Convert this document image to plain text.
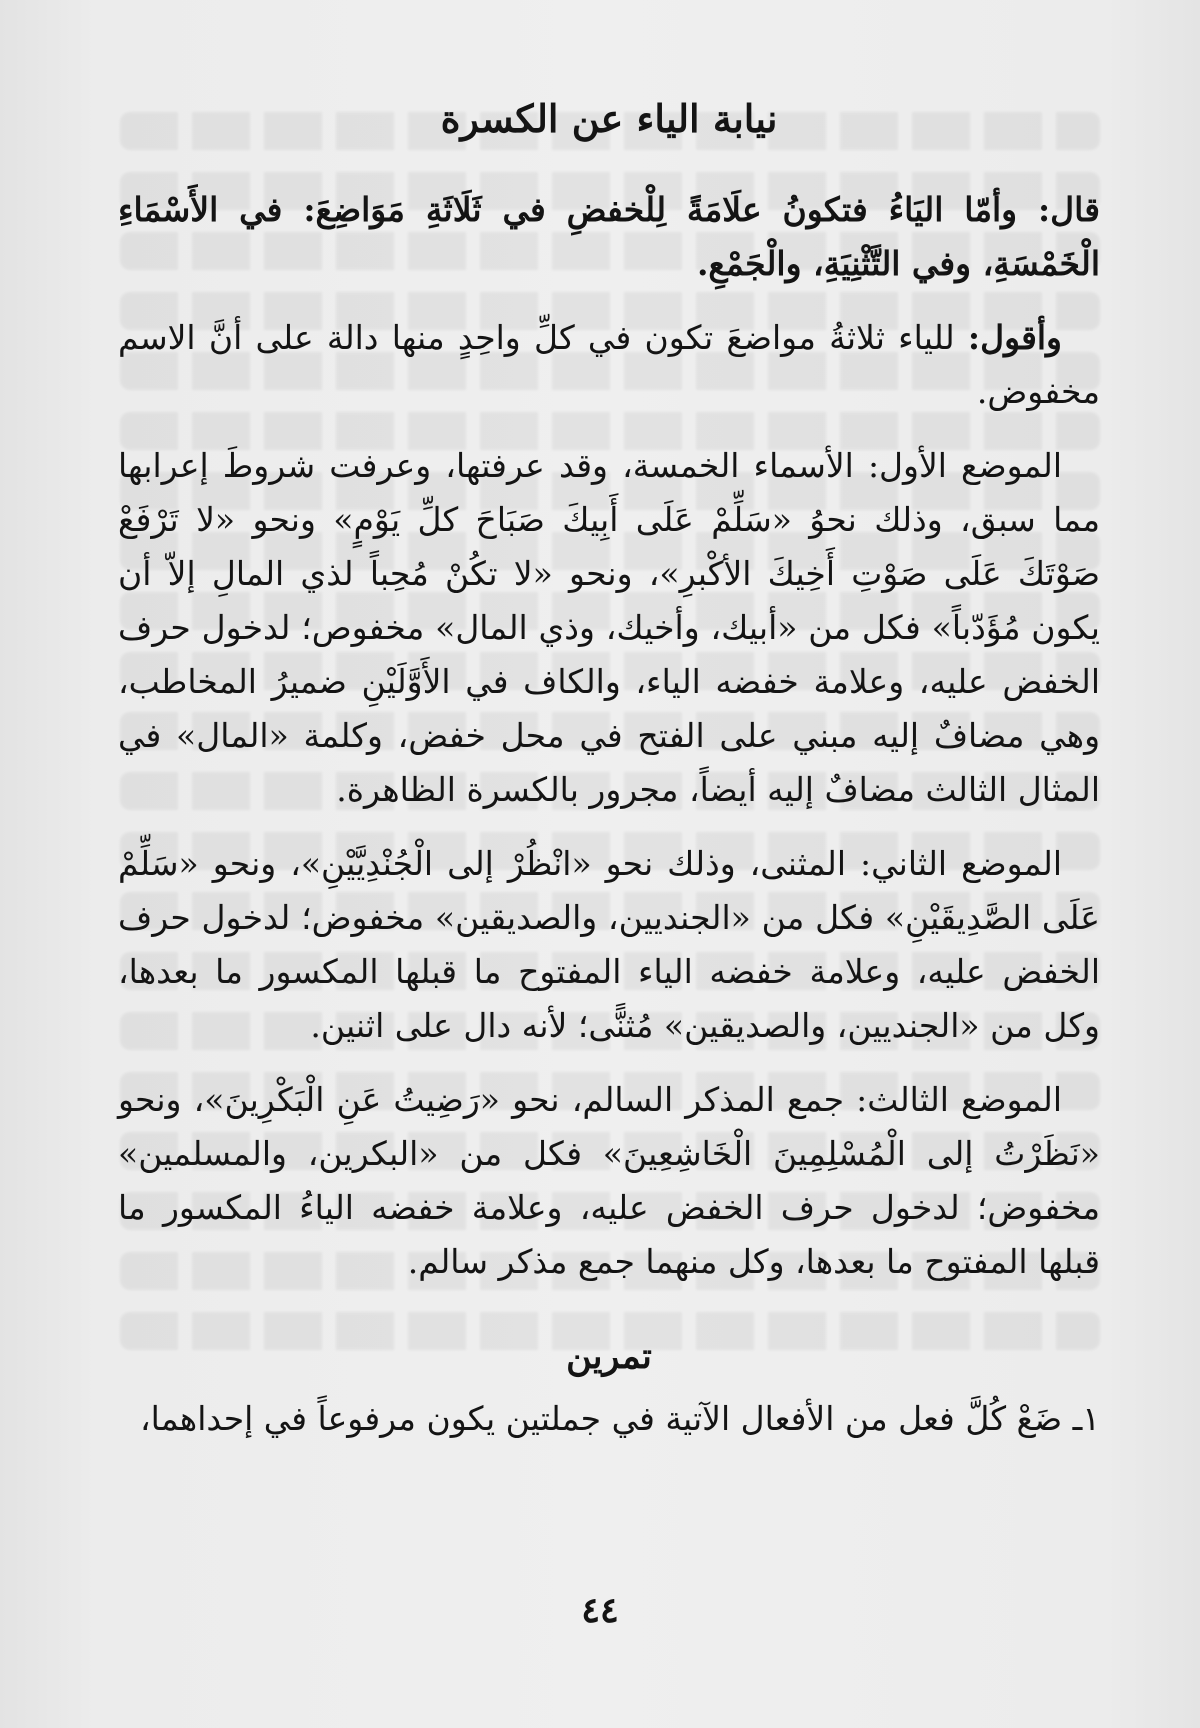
نيابة الياء عن الكسرة

قال: وأمّا اليَاءُ فتكونُ علَامَةً لِلْخفضِ في ثَلَاثَةِ مَوَاضِعَ: في الأَسْمَاءِ الْخَمْسَةِ، وفي التَّثْنِيَةِ، والْجَمْعِ.

وأقول: للياء ثلاثةُ مواضعَ تكون في كلِّ واحِدٍ منها دالة على أنَّ الاسم مخفوض.

الموضع الأول: الأسماء الخمسة، وقد عرفتها، وعرفت شروطَ إعرابها مما سبق، وذلك نحوُ «سَلِّمْ عَلَى أَبِيكَ صَبَاحَ كلِّ يَوْمٍ» ونحو «لا تَرْفَعْ صَوْتَكَ عَلَى صَوْتِ أَخِيكَ الأكْبرِ»، ونحو «لا تكُنْ مُحِباً لذي المالِ إلاّ أن يكون مُؤَدّباً» فكل من «أبيك، وأخيك، وذي المال» مخفوص؛ لدخول حرف الخفض عليه، وعلامة خفضه الياء، والكاف في الأَوَّلَيْنِ ضميرُ المخاطب، وهي مضافٌ إليه مبني على الفتح في محل خفض، وكلمة «المال» في المثال الثالث مضافٌ إليه أيضاً، مجرور بالكسرة الظاهرة.

الموضع الثاني: المثنى، وذلك نحو «انْظُرْ إلى الْجُنْدِيَّيْنِ»، ونحو «سَلِّمْ عَلَى الصَّدِيقَيْنِ» فكل من «الجنديين، والصديقين» مخفوض؛ لدخول حرف الخفض عليه، وعلامة خفضه الياء المفتوح ما قبلها المكسور ما بعدها، وكل من «الجنديين، والصديقين» مُثنًّى؛ لأنه دال على اثنين.

الموضع الثالث: جمع المذكر السالم، نحو «رَضِيتُ عَنِ الْبَكْرِينَ»، ونحو «نَظَرْتُ إلى الْمُسْلِمِينَ الْخَاشِعِينَ» فكل من «البكرين، والمسلمين» مخفوض؛ لدخول حرف الخفض عليه، وعلامة خفضه الياءُ المكسور ما قبلها المفتوح ما بعدها، وكل منهما جمع مذكر سالم.

تمرين

١ـ ضَعْ كُلَّ فعل من الأفعال الآتية في جملتين يكون مرفوعاً في إحداهما،

٤٤
